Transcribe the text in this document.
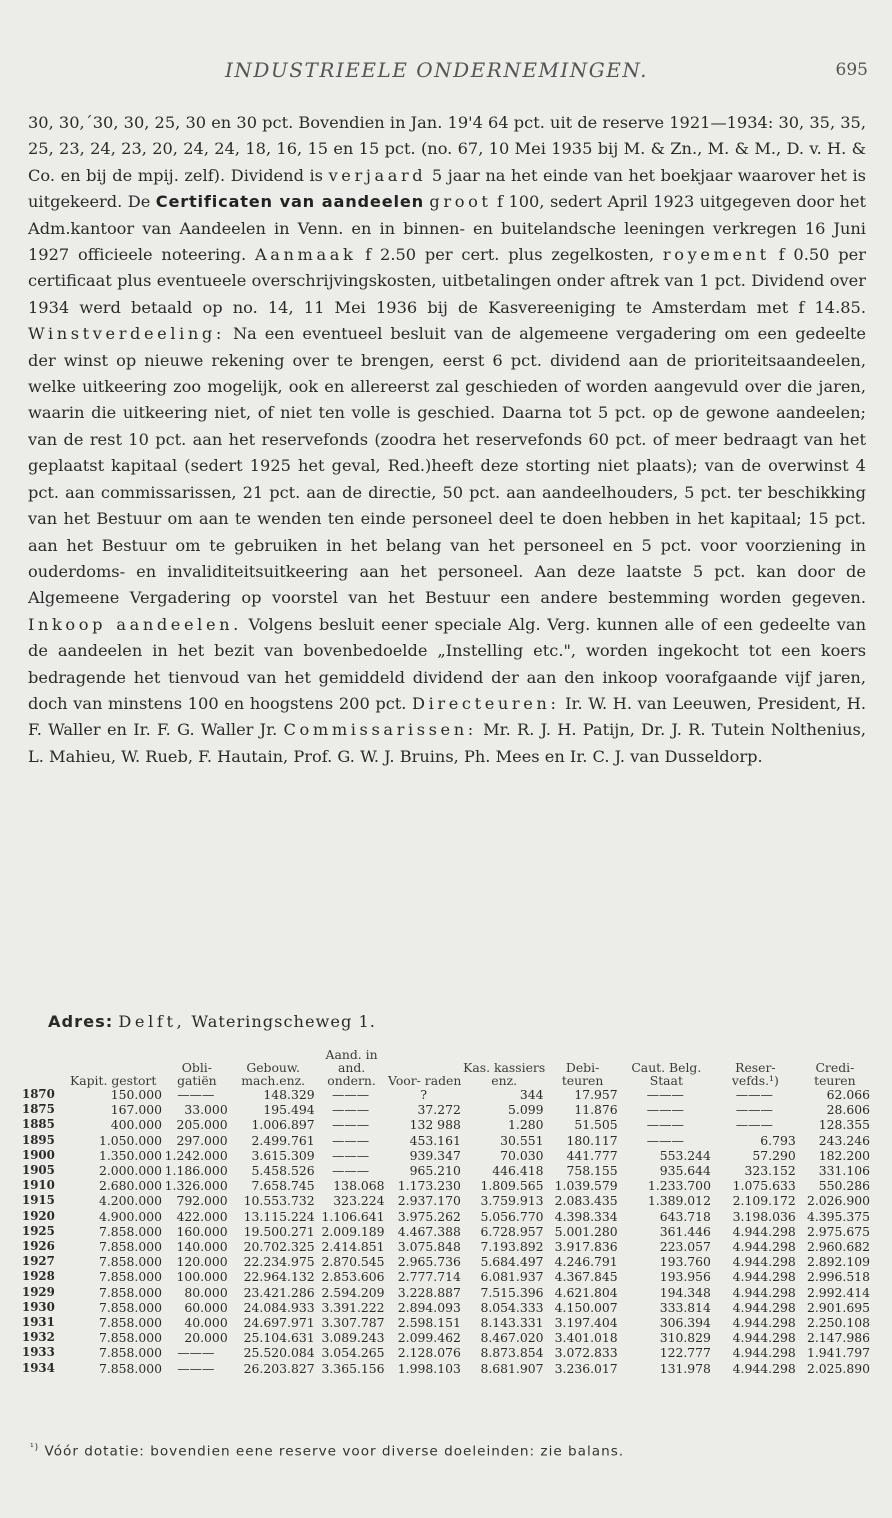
INDUSTRIEELE ONDERNEMINGEN.	695
30, 30,´30, 30, 25, 30 en 30 pct. Bovendien in Jan. 19'4 64 pct. uit de reserve 1921—1934: 30, 35, 35, 25, 23, 24, 23, 20, 24, 24, 18, 16, 15 en 15 pct. (no. 67, 10 Mei 1935 bij M. & Zn., M. & M., D. v. H. & Co. en bij de mpij. zelf). Dividend is verjaard 5 jaar na het einde van het boekjaar waarover het is uitgekeerd. De Certificaten van aandeelen groot f 100, sedert April 1923 uitgegeven door het Adm.kantoor van Aandeelen in Venn. en in binnen- en buitelandsche leeningen verkregen 16 Juni 1927 officieele noteering. Aanmaak f 2.50 per cert. plus zegelkosten, royement f 0.50 per certificaat plus eventueele overschrijvingskosten, uitbetalingen onder aftrek van 1 pct. Dividend over 1934 werd betaald op no. 14, 11 Mei 1936 bij de Kasvereeniging te Amsterdam met f 14.85. Winstverdeeling: Na een eventueel besluit van de algemeene vergadering om een gedeelte der winst op nieuwe rekening over te brengen, eerst 6 pct. dividend aan de prioriteitsaandeelen, welke uitkeering zoo mogelijk, ook en allereerst zal geschieden of worden aangevuld over die jaren, waarin die uitkeering niet, of niet ten volle is geschied. Daarna tot 5 pct. op de gewone aandeelen; van de rest 10 pct. aan het reservefonds (zoodra het reservefonds 60 pct. of meer bedraagt van het geplaatst kapitaal (sedert 1925 het geval, Red.)heeft deze storting niet plaats); van de overwinst 4 pct. aan commissarissen, 21 pct. aan de directie, 50 pct. aan aandeelhouders, 5 pct. ter beschikking van het Bestuur om aan te wenden ten einde personeel deel te doen hebben in het kapitaal; 15 pct. aan het Bestuur om te gebruiken in het belang van het personeel en 5 pct. voor voorziening in ouderdoms- en invaliditeitsuitkeering aan het personeel. Aan deze laatste 5 pct. kan door de Algemeene Vergadering op voorstel van het Bestuur een andere bestemming worden gegeven. Inkoop aandeelen. Volgens besluit eener speciale Alg. Verg. kunnen alle of een gedeelte van de aandeelen in het bezit van bovenbedoelde „Instelling etc.", worden ingekocht tot een koers bedragende het tienvoud van het gemiddeld dividend der aan den inkoop voorafgaande vijf jaren, doch van minstens 100 en hoogstens 200 pct. Directeuren: Ir. W. H. van Leeuwen, President, H. F. Waller en Ir. F. G. Waller Jr. Commissarissen: Mr. R. J. H. Patijn, Dr. J. R. Tutein Nolthenius, L. Mahieu, W. Rueb, F. Hautain, Prof. G. W. J. Bruins, Ph. Mees en Ir. C. J. van Dusseldorp.
Adres: Delft, Wateringscheweg 1.
	Kapit. gestort	Obli- gatiën	Gebouw. mach.enz.	Aand. in and. ondern.	Voor- raden	Kas. kassiers enz.	Debi- teuren	Caut. Belg. Staat	Reser- vefds.¹)	Credi- teuren
1870	150.000	———	148.329	———	?	344	17.957	———	———	62.066
1875	167.000	33.000	195.494	———	37.272	5.099	11.876	———	———	28.606
1885	400.000	205.000	1.006.897	———	132 988	1.280	51.505	———	———	128.355
1895	1.050.000	297.000	2.499.761	———	453.161	30.551	180.117	———	6.793	243.246
1900	1.350.000	1.242.000	3.615.309	———	939.347	70.030	441.777	553.244	57.290	182.200
1905	2.000.000	1.186.000	5.458.526	———	965.210	446.418	758.155	935.644	323.152	331.106
1910	2.680.000	1.326.000	7.658.745	138.068	1.173.230	1.809.565	1.039.579	1.233.700	1.075.633	550.286
1915	4.200.000	792.000	10.553.732	323.224	2.937.170	3.759.913	2.083.435	1.389.012	2.109.172	2.026.900
1920	4.900.000	422.000	13.115.224	1.106.641	3.975.262	5.056.770	4.398.334	643.718	3.198.036	4.395.375
1925	7.858.000	160.000	19.500.271	2.009.189	4.467.388	6.728.957	5.001.280	361.446	4.944.298	2.975.675
1926	7.858.000	140.000	20.702.325	2.414.851	3.075.848	7.193.892	3.917.836	223.057	4.944.298	2.960.682
1927	7.858.000	120.000	22.234.975	2.870.545	2.965.736	5.684.497	4.246.791	193.760	4.944.298	2.892.109
1928	7.858.000	100.000	22.964.132	2.853.606	2.777.714	6.081.937	4.367.845	193.956	4.944.298	2.996.518
1929	7.858.000	80.000	23.421.286	2.594.209	3.228.887	7.515.396	4.621.804	194.348	4.944.298	2.992.414
1930	7.858.000	60.000	24.084.933	3.391.222	2.894.093	8.054.333	4.150.007	333.814	4.944.298	2.901.695
1931	7.858.000	40.000	24.697.971	3.307.787	2.598.151	8.143.331	3.197.404	306.394	4.944.298	2.250.108
1932	7.858.000	20.000	25.104.631	3.089.243	2.099.462	8.467.020	3.401.018	310.829	4.944.298	2.147.986
1933	7.858.000	———	25.520.084	3.054.265	2.128.076	8.873.854	3.072.833	122.777	4.944.298	1.941.797
1934	7.858.000	———	26.203.827	3.365.156	1.998.103	8.681.907	3.236.017	131.978	4.944.298	2.025.890
$^{^1)}$ Vóór dotatie: bovendien eene reserve voor diverse doeleinden: zie balans.
